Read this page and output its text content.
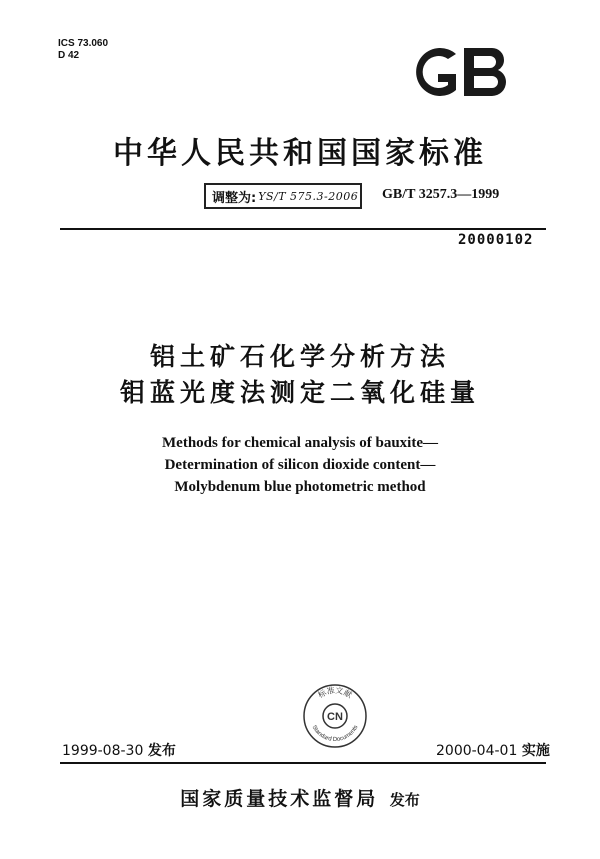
ICS 73.060
D 42
中华人民共和国国家标准
调整为: YS/T 575.3-2006 GB/T 3257.3—1999
20000102
铝土矿石化学分析方法
钼蓝光度法测定二氧化硅量
Methods for chemical analysis of bauxite—
Determination of silicon dioxide content—
Molybdenum blue photometric method
标准文献
CN
Standard Documents
1999-08-30 发布	2000-04-01 实施
国家质量技术监督局 发布
